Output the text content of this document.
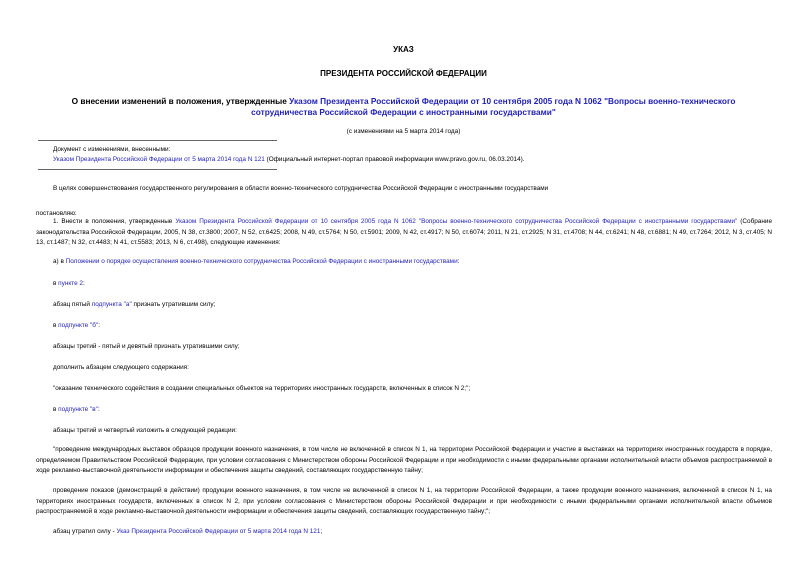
УКАЗ
ПРЕЗИДЕНТА РОССИЙСКОЙ ФЕДЕРАЦИИ
О внесении изменений в положения, утвержденные Указом Президента Российской Федерации от 10 сентября 2005 года N 1062 "Вопросы военно-технического сотрудничества Российской Федерации с иностранными государствами"
(с изменениями на 5 марта 2014 года)
Документ с изменениями, внесенными:
Указом Президента Российской Федерации от 5 марта 2014 года N 121 (Официальный интернет-портал правовой информации www.pravo.gov.ru, 06.03.2014).
В целях совершенствования государственного регулирования в области военно-технического сотрудничества Российской Федерации с иностранными государствами
постановляю:
1. Внести в положения, утвержденные Указом Президента Российской Федерации от 10 сентября 2005 года N 1062 "Вопросы военно-технического сотрудничества Российской Федерации с иностранными государствами" (Собрание законодательства Российской Федерации, 2005, N 38, ст.3800; 2007, N 52, ст.6425; 2008, N 49, ст.5764; N 50, ст.5901; 2009, N 42, ст.4917; N 50, ст.6074; 2011, N 21, ст.2925; N 31, ст.4708; N 44, ст.6241; N 48, ст.6881; N 49, ст.7264; 2012, N 3, ст.405; N 13, ст.1487; N 32, ст.4483; N 41, ст.5583; 2013, N 6, ст.498), следующие изменения:
а) в Положении о порядке осуществления военно-технического сотрудничества Российской Федерации с иностранными государствами:
в пункте 2:
абзац пятый подпункта "а" признать утратившим силу;
в подпункте "б":
абзацы третий - пятый и девятый признать утратившими силу;
дополнить абзацем следующего содержания:
"оказание технического содействия в создании специальных объектов на территориях иностранных государств, включенных в список N 2;";
в подпункте "в":
абзацы третий и четвертый изложить в следующей редакции:
"проведение международных выставок образцов продукции военного назначения, в том числе не включенной в список N 1, на территории Российской Федерации и участие в выставках на территориях иностранных государств в порядке, определяемом Правительством Российской Федерации, при условии согласования с Министерством обороны Российской Федерации и при необходимости с иными федеральными органами исполнительной власти объемов распространяемой в ходе рекламно-выставочной деятельности информации и обеспечения защиты сведений, составляющих государственную тайну;
проведение показов (демонстраций в действии) продукции военного назначения, в том числе не включенной в список N 1, на территории Российской Федерации, а также продукции военного назначения, включенной в список N 1, на территориях иностранных государств, включенных в список N 2, при условии согласования с Министерством обороны Российской Федерации и при необходимости с иными федеральными органами исполнительной власти объемов распространяемой в ходе рекламно-выставочной деятельности информации и обеспечения защиты сведений, составляющих государственную тайну;";
абзац утратил силу - Указ Президента Российской Федерации от 5 марта 2014 года N 121;
